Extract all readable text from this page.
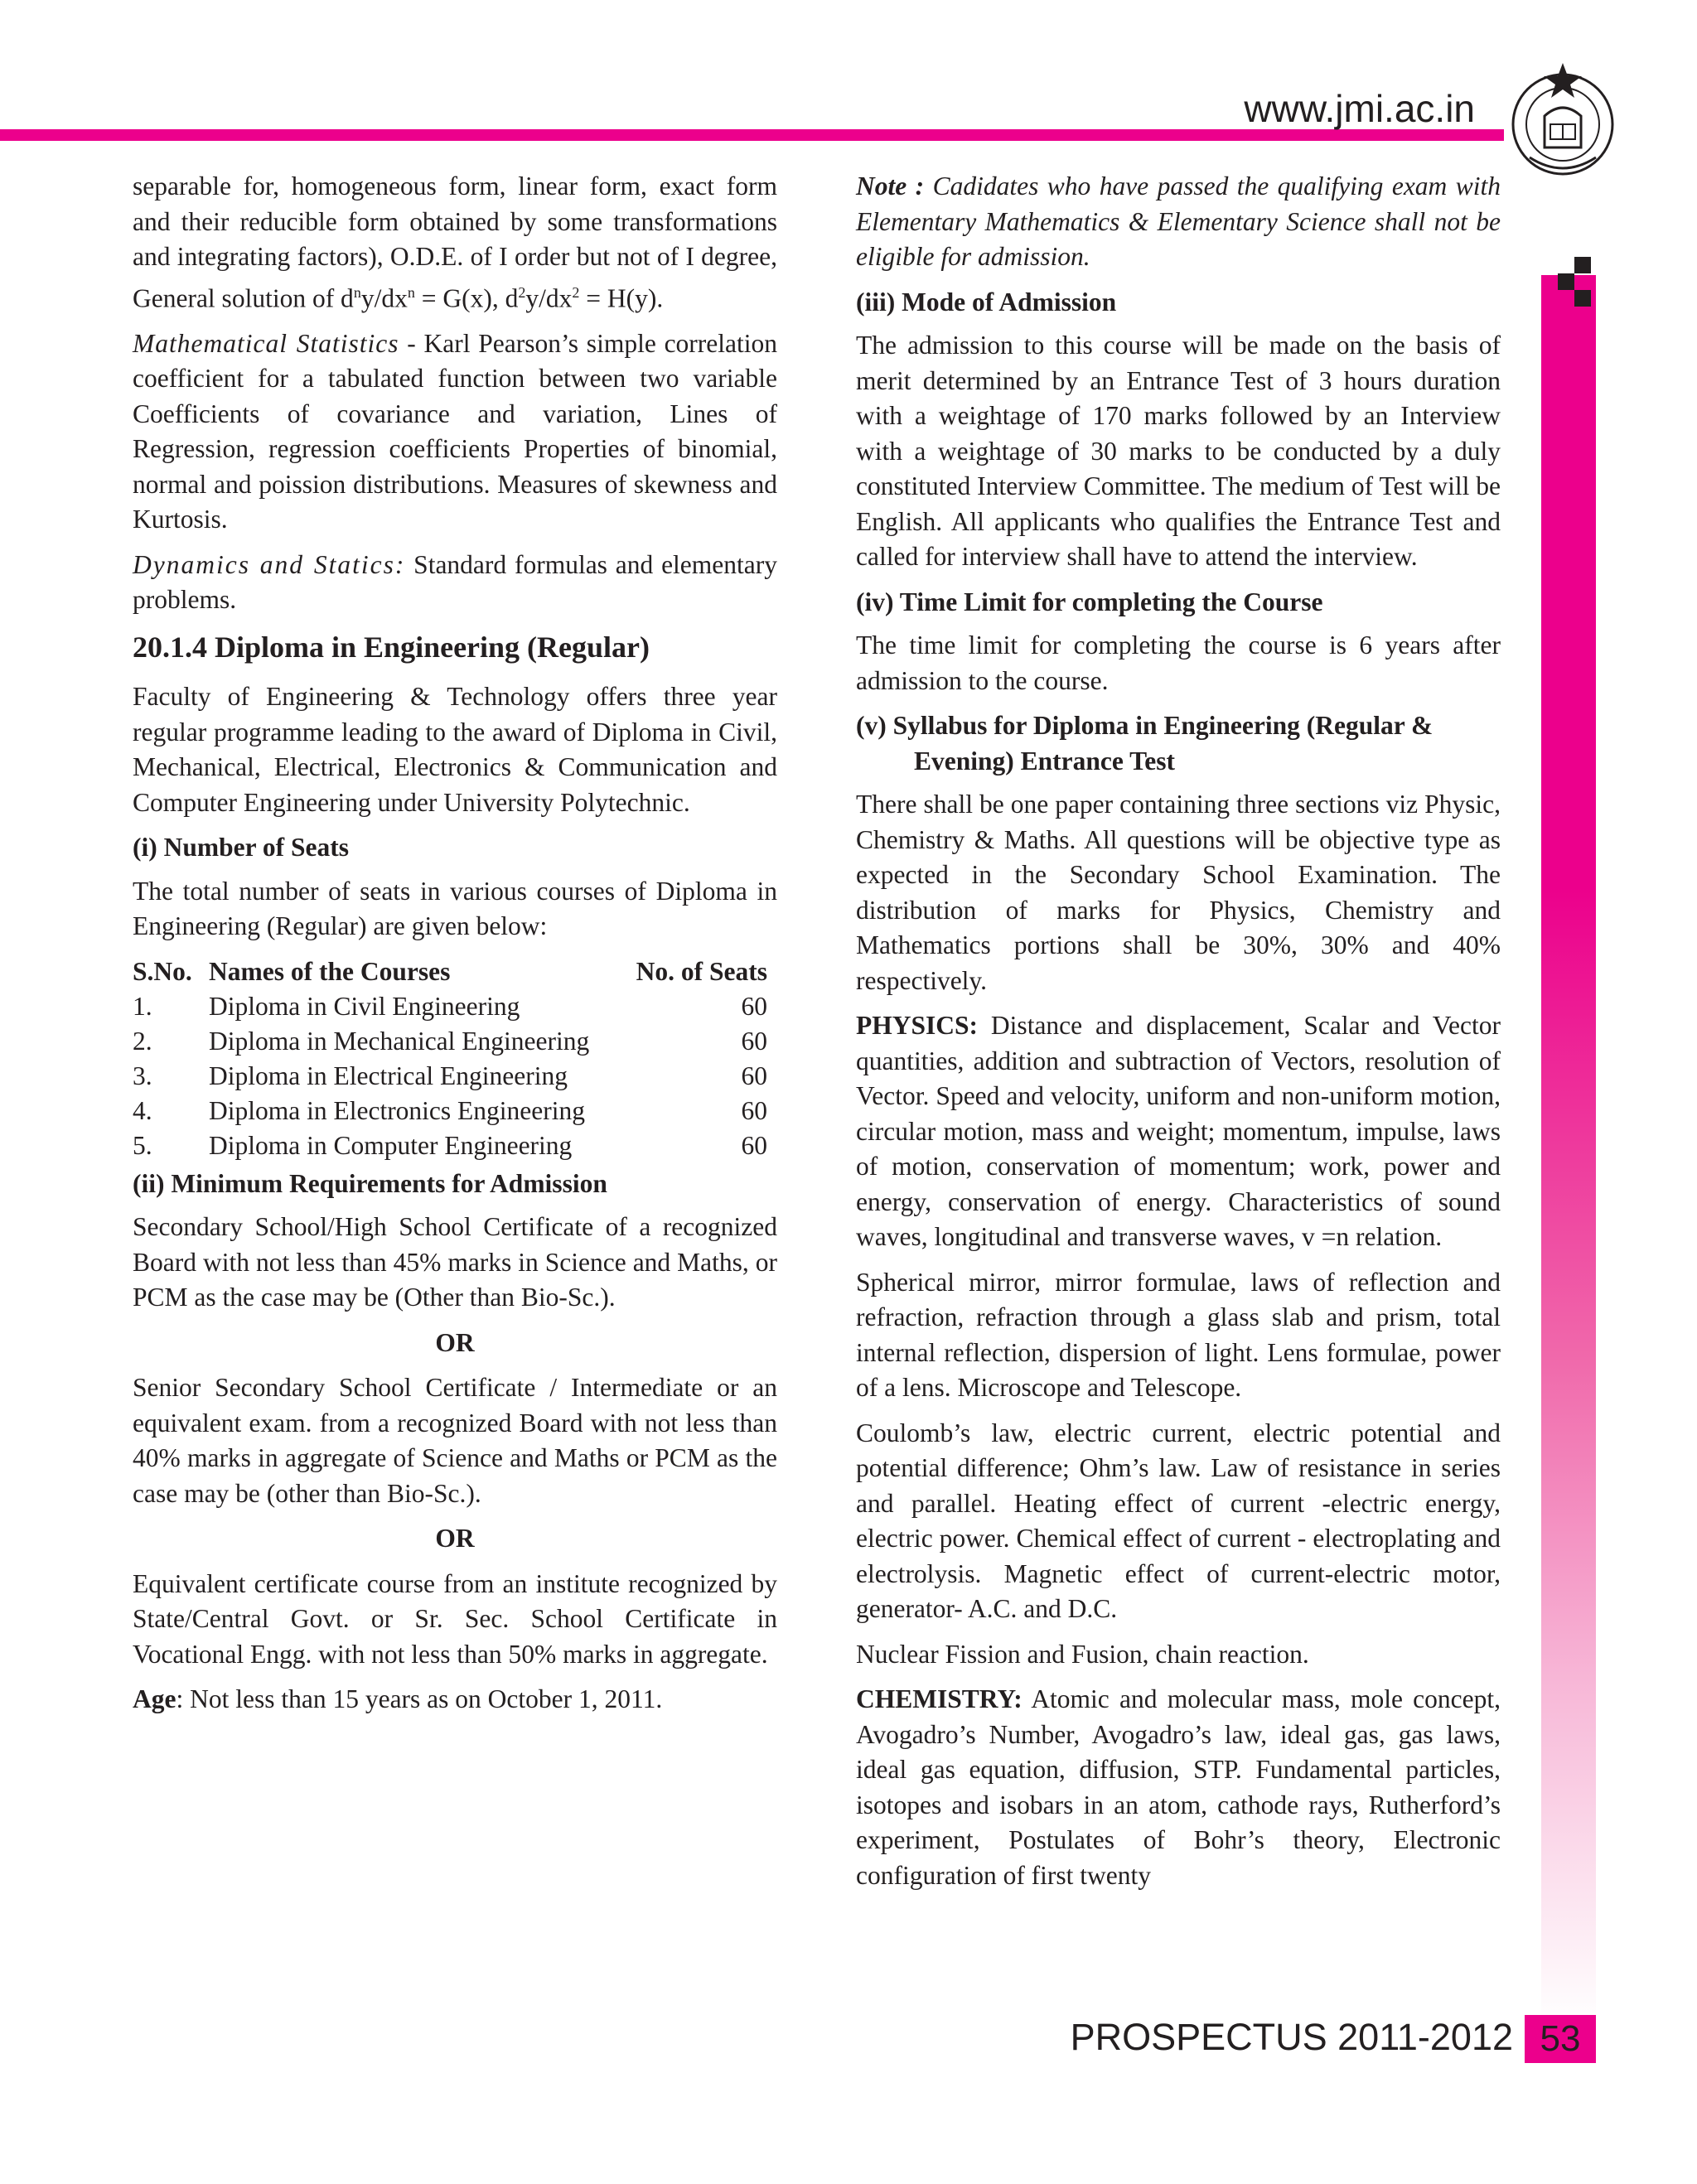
www.jmi.ac.in

separable for, homogeneous form, linear form, exact form and their reducible form obtained by some transformations and integrating factors), O.D.E. of I order but not of I degree, General solution of $d^ny/dx^n = G(x)$, $d^2y/dx^2 = H(y)$.

Mathematical Statistics - Karl Pearson’s simple correlation coefficient for a tabulated function between two variable Coefficients of covariance and variation, Lines of Regression, regression coefficients Properties of binomial, normal and poission distributions. Measures of skewness and Kurtosis.

Dynamics and Statics: Standard formulas and elementary problems.

20.1.4 Diploma in Engineering (Regular)

Faculty of Engineering & Technology offers three year regular programme leading to the award of Diploma in Civil, Mechanical, Electrical, Electronics & Communication and Computer Engineering under University Polytechnic.

(i) Number of Seats

The total number of seats in various courses of Diploma in Engineering (Regular) are given below:

S.No.	Names of the Courses	No. of Seats
1.	Diploma in Civil Engineering	60
2.	Diploma in Mechanical Engineering	60
3.	Diploma in Electrical Engineering	60
4.	Diploma in Electronics Engineering	60
5.	Diploma in Computer Engineering	60
(ii) Minimum Requirements for Admission

Secondary School/High School Certificate of a recognized Board with not less than 45% marks in Science and Maths, or PCM as the case may be (Other than Bio-Sc.).

OR

Senior Secondary School Certificate / Intermediate or an equivalent exam. from a recognized Board with not less than 40% marks in aggregate of Science and Maths or PCM as the case may be (other than Bio-Sc.).

OR

Equivalent certificate course from an institute recognized by State/Central Govt. or Sr. Sec. School Certificate in Vocational Engg. with not less than 50% marks in aggregate.

Age: Not less than 15 years as on October 1, 2011.

Note : Cadidates who have passed the qualifying exam with Elementary Mathematics & Elementary Science shall not be eligible for admission.

(iii) Mode of Admission

The admission to this course will be made on the basis of merit determined by an Entrance Test of 3 hours duration with a weightage of 170 marks followed by an Interview with a weightage of 30 marks to be conducted by a duly constituted Interview Committee. The medium of Test will be English. All applicants who qualifies the Entrance Test and called for interview shall have to attend the interview.

(iv) Time Limit for completing the Course

The time limit for completing the course is 6 years after admission to the course.

(v) Syllabus for Diploma in Engineering (Regular & Evening) Entrance Test

There shall be one paper containing three sections viz Physic, Chemistry & Maths. All questions will be objective type as expected in the Secondary School Examination. The distribution of marks for Physics, Chemistry and Mathematics portions shall be 30%, 30% and 40% respectively.

PHYSICS: Distance and displacement, Scalar and Vector quantities, addition and subtraction of Vectors, resolution of Vector. Speed and velocity, uniform and non-uniform motion, circular motion, mass and weight; momentum, impulse, laws of motion, conservation of momentum; work, power and energy, conservation of energy. Characteristics of sound waves, longitudinal and transverse waves, v =n relation.

Spherical mirror, mirror formulae, laws of reflection and refraction, refraction through a glass slab and prism, total internal reflection, dispersion of light. Lens formulae, power of a lens. Microscope and Telescope.

Coulomb’s law, electric current, electric potential and potential difference; Ohm’s law. Law of resistance in series and parallel. Heating effect of current -electric energy, electric power. Chemical effect of current - electroplating and electrolysis. Magnetic effect of current-electric motor, generator- A.C. and D.C.

Nuclear Fission and Fusion, chain reaction.

CHEMISTRY: Atomic and molecular mass, mole concept, Avogadro’s Number, Avogadro’s law, ideal gas, gas laws, ideal gas equation, diffusion, STP. Fundamental particles, isotopes and isobars in an atom, cathode rays, Rutherford’s experiment, Postulates of Bohr’s theory, Electronic configuration of first twenty

PROSPECTUS 2011-2012 53
